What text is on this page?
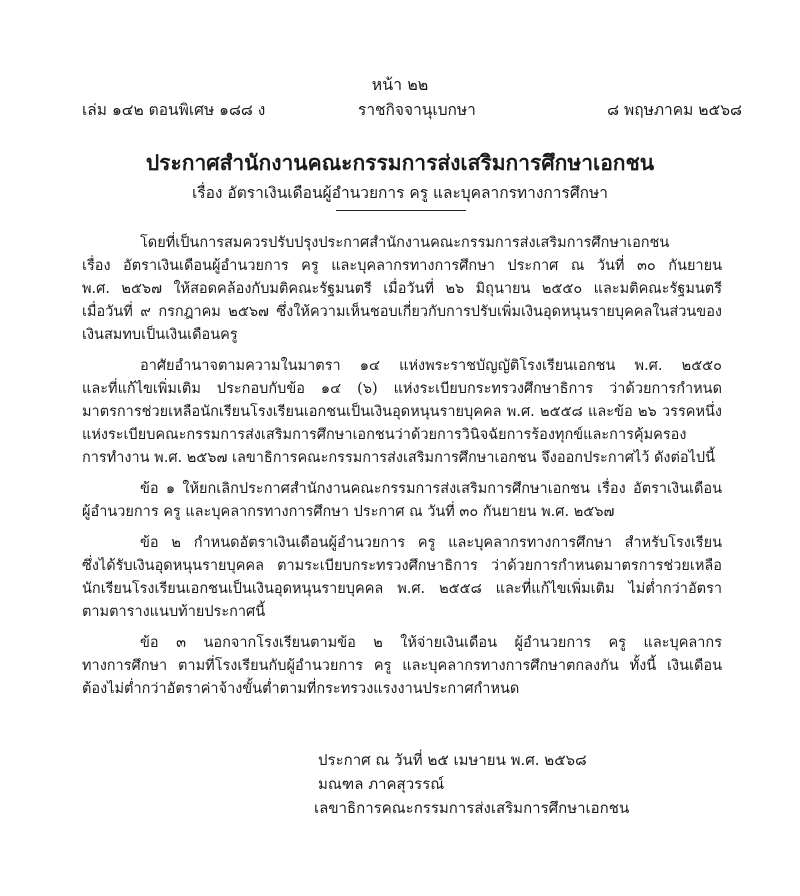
หน้า ๒๒
เล่ม ๑๔๒ ตอนพิเศษ ๑๘๘ ง	ราชกิจจานุเบกษา	๘ พฤษภาคม ๒๕๖๘
ประกาศสำนักงานคณะกรรมการส่งเสริมการศึกษาเอกชน
เรื่อง อัตราเงินเดือนผู้อำนวยการ ครู และบุคลากรทางการศึกษา
โดยที่เป็นการสมควรปรับปรุงประกาศสำนักงานคณะกรรมการส่งเสริมการศึกษาเอกชน
เรื่อง อัตราเงินเดือนผู้อำนวยการ ครู และบุคลากรทางการศึกษา ประกาศ ณ วันที่ ๓๐ กันยายน
พ.ศ. ๒๕๖๗ ให้สอดคล้องกับมติคณะรัฐมนตรี เมื่อวันที่ ๒๖ มิถุนายน ๒๕๕๐ และมติคณะรัฐมนตรี
เมื่อวันที่ ๙ กรกฎาคม ๒๕๖๗ ซึ่งให้ความเห็นชอบเกี่ยวกับการปรับเพิ่มเงินอุดหนุนรายบุคคลในส่วนของ
เงินสมทบเป็นเงินเดือนครู
อาศัยอำนาจตามความในมาตรา ๑๔ แห่งพระราชบัญญัติโรงเรียนเอกชน พ.ศ. ๒๕๕๐
และที่แก้ไขเพิ่มเติม ประกอบกับข้อ ๑๔ (๖) แห่งระเบียบกระทรวงศึกษาธิการ ว่าด้วยการกำหนด
มาตรการช่วยเหลือนักเรียนโรงเรียนเอกชนเป็นเงินอุดหนุนรายบุคคล พ.ศ. ๒๕๕๘ และข้อ ๒๖ วรรคหนึ่ง
แห่งระเบียบคณะกรรมการส่งเสริมการศึกษาเอกชนว่าด้วยการวินิจฉัยการร้องทุกข์และการคุ้มครอง
การทำงาน พ.ศ. ๒๕๖๗ เลขาธิการคณะกรรมการส่งเสริมการศึกษาเอกชน จึงออกประกาศไว้ ดังต่อไปนี้
ข้อ ๑ ให้ยกเลิกประกาศสำนักงานคณะกรรมการส่งเสริมการศึกษาเอกชน เรื่อง อัตราเงินเดือน
ผู้อำนวยการ ครู และบุคลากรทางการศึกษา ประกาศ ณ วันที่ ๓๐ กันยายน พ.ศ. ๒๕๖๗
ข้อ ๒ กำหนดอัตราเงินเดือนผู้อำนวยการ ครู และบุคลากรทางการศึกษา สำหรับโรงเรียน
ซึ่งได้รับเงินอุดหนุนรายบุคคล ตามระเบียบกระทรวงศึกษาธิการ ว่าด้วยการกำหนดมาตรการช่วยเหลือ
นักเรียนโรงเรียนเอกชนเป็นเงินอุดหนุนรายบุคคล พ.ศ. ๒๕๕๘ และที่แก้ไขเพิ่มเติม ไม่ต่ำกว่าอัตรา
ตามตารางแนบท้ายประกาศนี้
ข้อ ๓ นอกจากโรงเรียนตามข้อ ๒ ให้จ่ายเงินเดือน ผู้อำนวยการ ครู และบุคลากร
ทางการศึกษา ตามที่โรงเรียนกับผู้อำนวยการ ครู และบุคลากรทางการศึกษาตกลงกัน ทั้งนี้ เงินเดือน
ต้องไม่ต่ำกว่าอัตราค่าจ้างขั้นต่ำตามที่กระทรวงแรงงานประกาศกำหนด
ประกาศ ณ วันที่ ๒๕ เมษายน พ.ศ. ๒๕๖๘
มณฑล ภาคสุวรรณ์
เลขาธิการคณะกรรมการส่งเสริมการศึกษาเอกชน
